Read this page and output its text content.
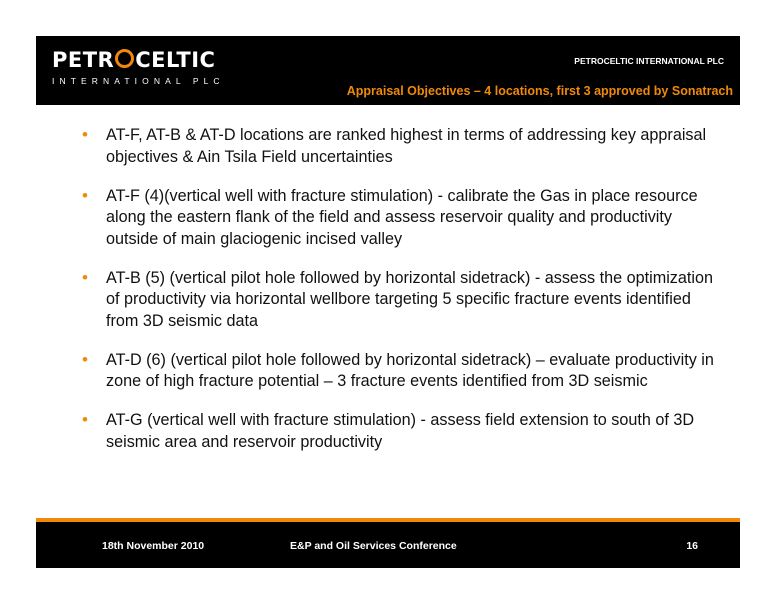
PETR CELTIC
INTERNATIONAL PLC
PETROCELTIC INTERNATIONAL PLC
Appraisal Objectives – 4 locations, first 3 approved by Sonatrach
• AT-F, AT-B & AT-D locations are ranked highest in terms of addressing key appraisal objectives & Ain Tsila Field uncertainties
• AT-F (4)(vertical well with fracture stimulation) - calibrate the Gas in place resource along the eastern flank of the field and assess reservoir quality and productivity outside of main glaciogenic incised valley
• AT-B (5) (vertical pilot hole followed by horizontal sidetrack) - assess the optimization of productivity via horizontal wellbore targeting 5 specific fracture events identified from 3D seismic data
• AT-D (6) (vertical pilot hole followed by horizontal sidetrack) – evaluate productivity in zone of high fracture potential – 3 fracture events identified from 3D seismic
• AT-G (vertical well with fracture stimulation) - assess field extension to south of 3D seismic area and reservoir productivity
18th November 2010	E&P and Oil Services Conference	16
